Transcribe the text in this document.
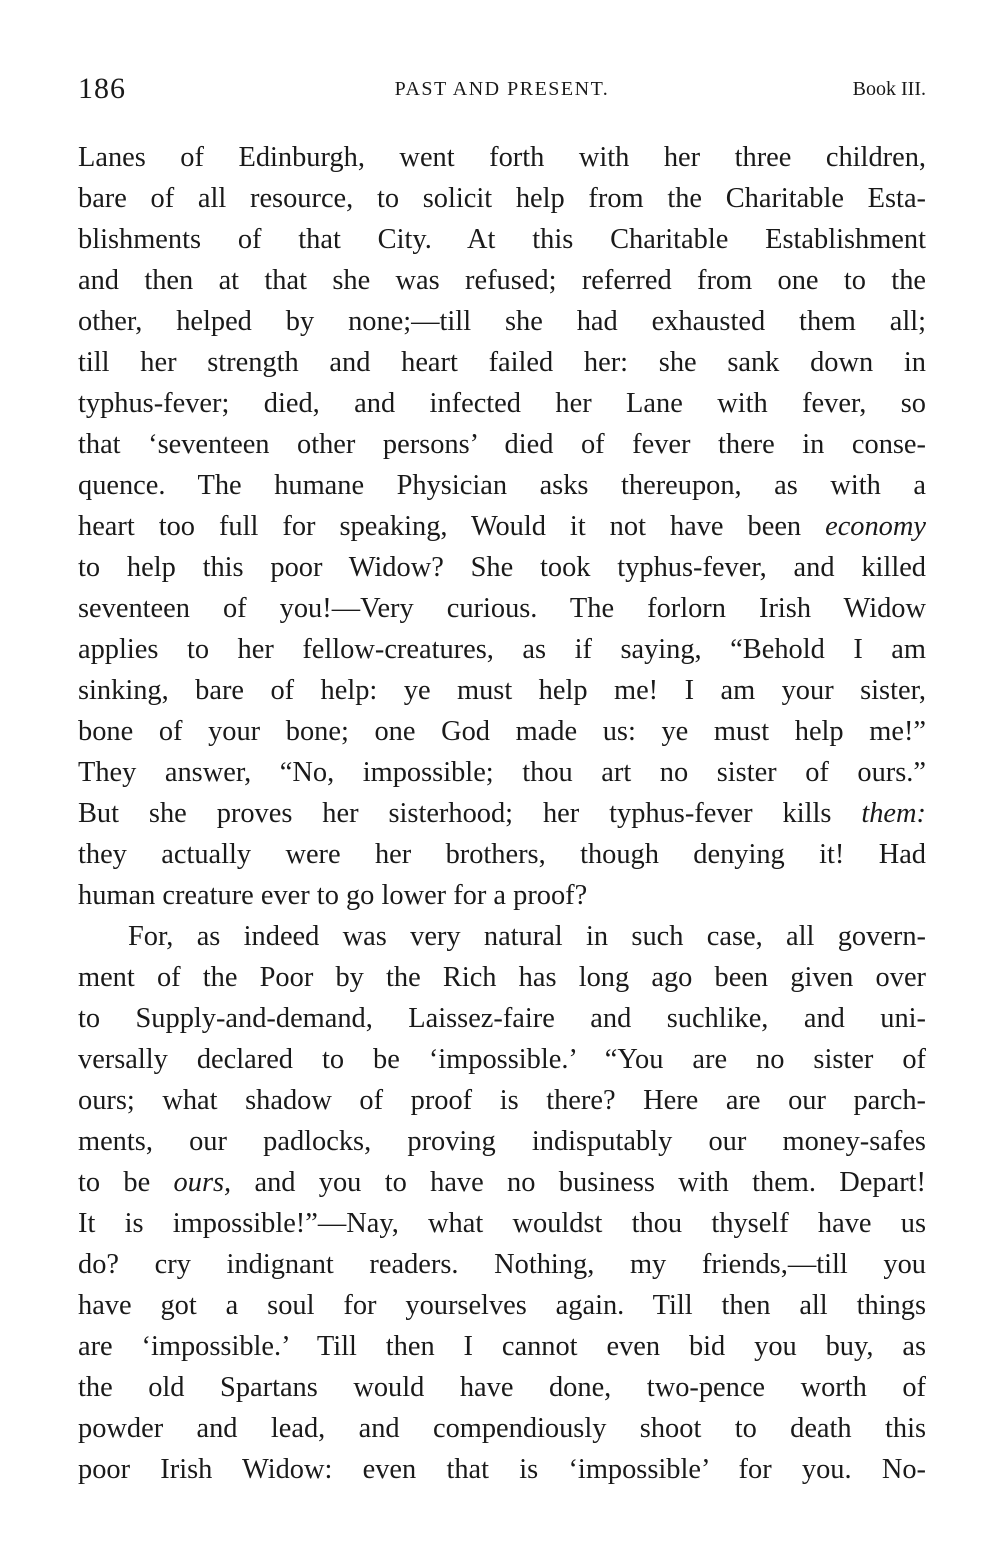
186	PAST AND PRESENT.	Book III.
Lanes of Edinburgh, went forth with her three children,
bare of all resource, to solicit help from the Charitable Esta-
blishments of that City. At this Charitable Establishment
and then at that she was refused; referred from one to the
other, helped by none;—till she had exhausted them all;
till her strength and heart failed her: she sank down in
typhus-fever; died, and infected her Lane with fever, so
that ‘seventeen other persons’ died of fever there in conse-
quence. The humane Physician asks thereupon, as with a
heart too full for speaking, Would it not have been economy
to help this poor Widow? She took typhus-fever, and killed
seventeen of you!—Very curious. The forlorn Irish Widow
applies to her fellow-creatures, as if saying, “Behold I am
sinking, bare of help: ye must help me! I am your sister,
bone of your bone; one God made us: ye must help me!”
They answer, “No, impossible; thou art no sister of ours.”
But she proves her sisterhood; her typhus-fever kills them:
they actually were her brothers, though denying it! Had
human creature ever to go lower for a proof?
For, as indeed was very natural in such case, all govern-
ment of the Poor by the Rich has long ago been given over
to Supply-and-demand, Laissez-faire and suchlike, and uni-
versally declared to be ‘impossible.’ “You are no sister of
ours; what shadow of proof is there? Here are our parch-
ments, our padlocks, proving indisputably our money-safes
to be ours, and you to have no business with them. Depart!
It is impossible!”—Nay, what wouldst thou thyself have us
do? cry indignant readers. Nothing, my friends,—till you
have got a soul for yourselves again. Till then all things
are ‘impossible.’ Till then I cannot even bid you buy, as
the old Spartans would have done, two-pence worth of
powder and lead, and compendiously shoot to death this
poor Irish Widow: even that is ‘impossible’ for you. No-
